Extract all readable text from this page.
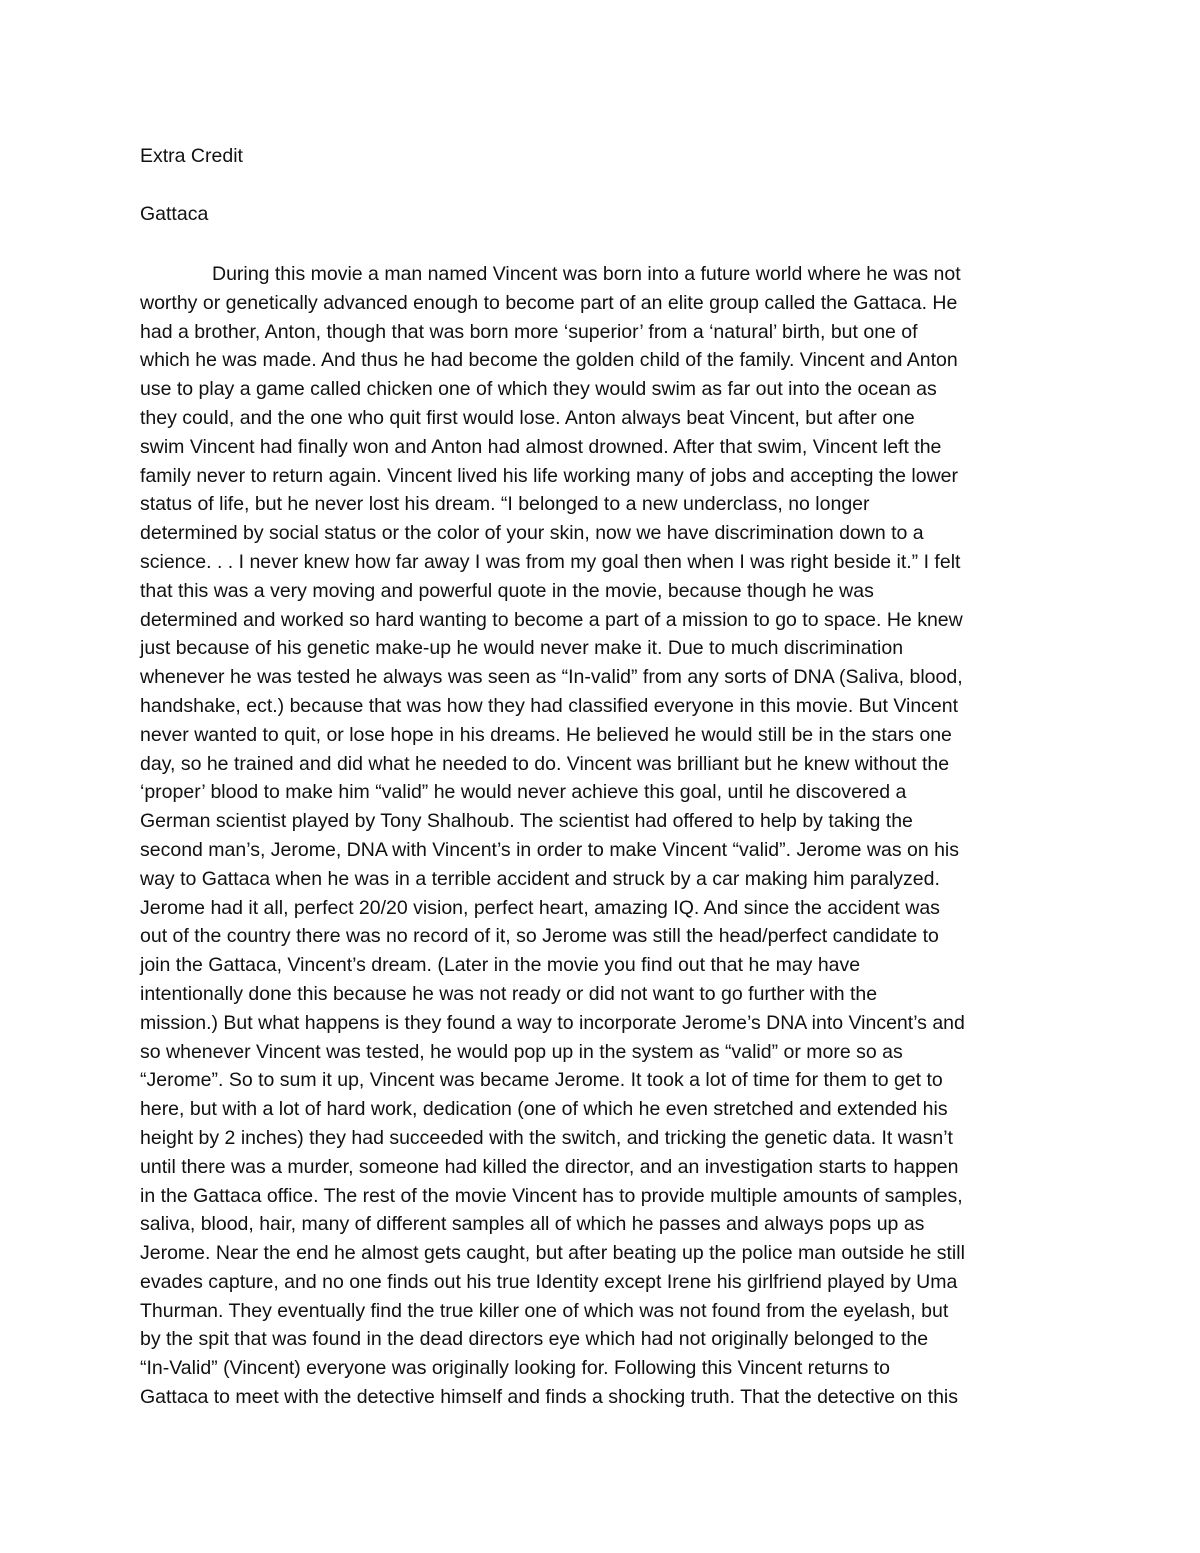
Extra Credit
Gattaca
During this movie a man named Vincent was born into a future world where he was not
worthy or genetically advanced enough to become part of an elite group called the Gattaca. He
had a brother, Anton, though that was born more ‘superior’ from a ‘natural’ birth, but one of
which he was made. And thus he had become the golden child of the family. Vincent and Anton
use to play a game called chicken one of which they would swim as far out into the ocean as
they could, and the one who quit first would lose. Anton always beat Vincent, but after one
swim Vincent had finally won and Anton had almost drowned. After that swim, Vincent left the
family never to return again. Vincent lived his life working many of jobs and accepting the lower
status of life, but he never lost his dream. “I belonged to a new underclass, no longer
determined by social status or the color of your skin, now we have discrimination down to a
science. . . I never knew how far away I was from my goal then when I was right beside it.” I felt
that this was a very moving and powerful quote in the movie, because though he was
determined and worked so hard wanting to become a part of a mission to go to space. He knew
just because of his genetic make-up he would never make it. Due to much discrimination
whenever he was tested he always was seen as “In-valid” from any sorts of DNA (Saliva, blood,
handshake, ect.) because that was how they had classified everyone in this movie. But Vincent
never wanted to quit, or lose hope in his dreams. He believed he would still be in the stars one
day, so he trained and did what he needed to do. Vincent was brilliant but he knew without the
‘proper’ blood to make him “valid” he would never achieve this goal, until he discovered a
German scientist played by Tony Shalhoub. The scientist had offered to help by taking the
second man’s, Jerome, DNA with Vincent’s in order to make Vincent “valid”. Jerome was on his
way to Gattaca when he was in a terrible accident and struck by a car making him paralyzed.
Jerome had it all, perfect 20/20 vision, perfect heart, amazing IQ. And since the accident was
out of the country there was no record of it, so Jerome was still the head/perfect candidate to
join the Gattaca, Vincent’s dream. (Later in the movie you find out that he may have
intentionally done this because he was not ready or did not want to go further with the
mission.) But what happens is they found a way to incorporate Jerome’s DNA into Vincent’s and
so whenever Vincent was tested, he would pop up in the system as “valid” or more so as
“Jerome”. So to sum it up, Vincent was became Jerome. It took a lot of time for them to get to
here, but with a lot of hard work, dedication (one of which he even stretched and extended his
height by 2 inches) they had succeeded with the switch, and tricking the genetic data. It wasn’t
until there was a murder, someone had killed the director, and an investigation starts to happen
in the Gattaca office. The rest of the movie Vincent has to provide multiple amounts of samples,
saliva, blood, hair, many of different samples all of which he passes and always pops up as
Jerome. Near the end he almost gets caught, but after beating up the police man outside he still
evades capture, and no one finds out his true Identity except Irene his girlfriend played by Uma
Thurman. They eventually find the true killer one of which was not found from the eyelash, but
by the spit that was found in the dead directors eye which had not originally belonged to the
“In-Valid” (Vincent) everyone was originally looking for. Following this Vincent returns to
Gattaca to meet with the detective himself and finds a shocking truth. That the detective on this
